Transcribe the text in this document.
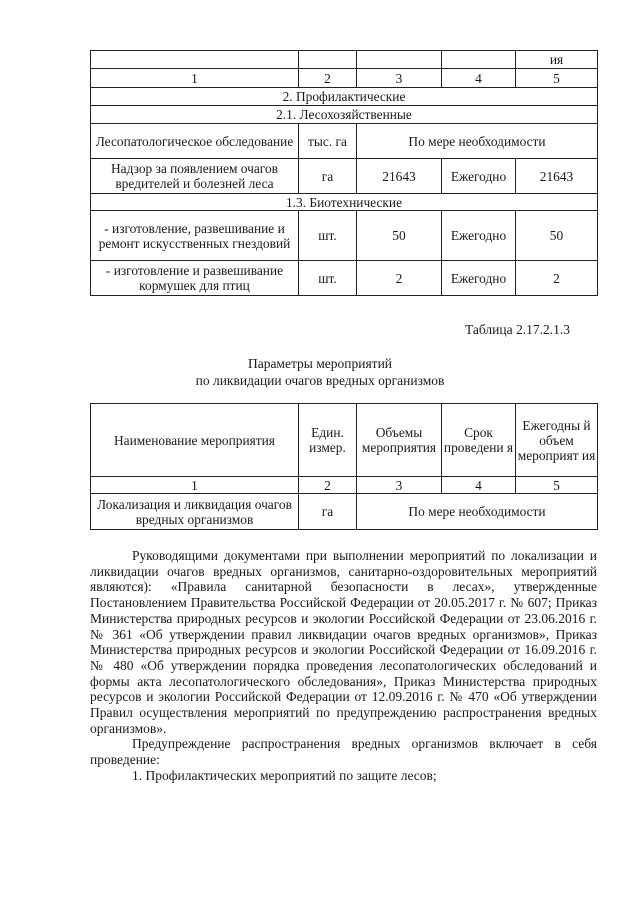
				ия
1	2	3	4	5
2. Профилактические				
2.1. Лесохозяйственные				
Лесопатологическое обследование	тыс. га	По мере необходимости		
Надзор за появлением очагов вредителей и болезней леса	га	21643	Ежегодно	21643
1.3. Биотехнические				
- изготовление, развешивание и ремонт искусственных гнездовий	шт.	50	Ежегодно	50
- изготовление и развешивание кормушек для птиц	шт.	2	Ежегодно	2
Таблица 2.17.2.1.3
Параметры мероприятий
по ликвидации очагов вредных организмов
Наименование мероприятия	Един. измер.	Объемы мероприятия	Срок проведени я	Ежегодны й объем мероприят ия
1	2	3	4	5
Локализация и ликвидация очагов вредных организмов	га	По мере необходимости		

Руководящими документами при выполнении мероприятий по локализации и ликвидации очагов вредных организмов, санитарно-оздоровительных мероприятий являются): «Правила санитарной безопасности в лесах», утвержденные Постановлением Правительства Российской Федерации от 20.05.2017 г. № 607; Приказ Министерства природных ресурсов и экологии Российской Федерации от 23.06.2016 г. № 361 «Об утверждении правил ликвидации очагов вредных организмов», Приказ Министерства природных ресурсов и экологии Российской Федерации от 16.09.2016 г. № 480 «Об утверждении порядка проведения лесопатологических обследований и формы акта лесопатологического обследования», Приказ Министерства природных ресурсов и экологии Российской Федерации от 12.09.2016 г. № 470 «Об утверждении Правил осуществления мероприятий по предупреждению распространения вредных организмов».

Предупреждение распространения вредных организмов включает в себя проведение:

1. Профилактических мероприятий по защите лесов;
